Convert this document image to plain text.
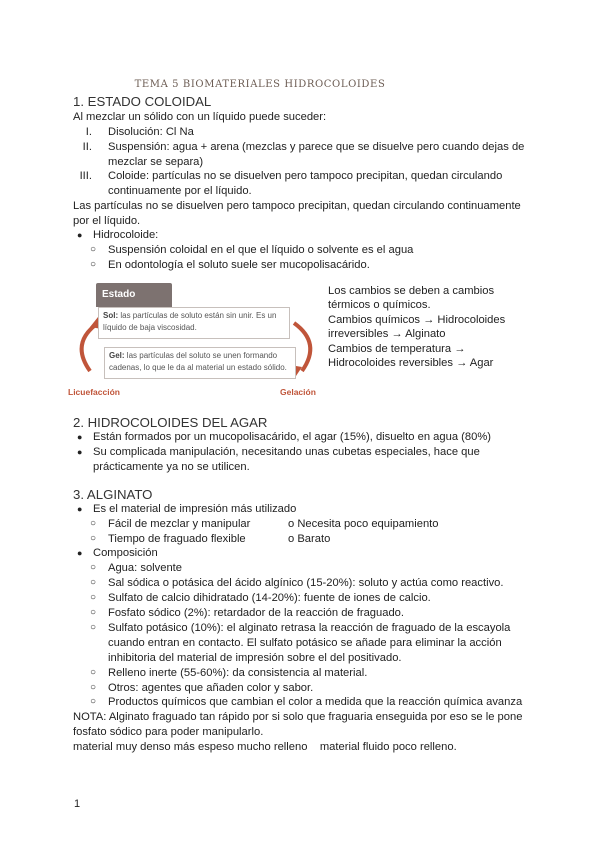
TEMA 5 BIOMATERIALES HIDROCOLOIDES
1. ESTADO COLOIDAL
Al mezclar un sólido con un líquido puede suceder:
I. Disolución: Cl Na
II. Suspensión: agua + arena (mezclas y parece que se disuelve pero cuando dejas de
mezclar se separa)
III. Coloide: partículas no se disuelven pero tampoco precipitan, quedan circulando
continuamente por el líquido.
Las partículas no se disuelven pero tampoco precipitan, quedan circulando continuamente
por el líquido.
● Hidrocoloide:
○ Suspensión coloidal en el que el líquido o solvente es el agua
○ En odontología el soluto suele ser mucopolisacárido.
Estado
Sol: las partículas de soluto están sin unir. Es un
líquido de baja viscosidad.
Gel: las partículas del soluto se unen formando
cadenas, lo que le da al material un estado sólido.
Licuefacción	Gelación
Los cambios se deben a cambios
térmicos o químicos.
Cambios químicos → Hidrocoloides
irreversibles → Alginato
Cambios de temperatura →
Hidrocoloides reversibles → Agar
2. HIDROCOLOIDES DEL AGAR
● Están formados por un mucopolisacárido, el agar (15%), disuelto en agua (80%)
● Su complicada manipulación, necesitando unas cubetas especiales, hace que
prácticamente ya no se utilicen.
3. ALGINATO
● Es el material de impresión más utilizado
○ Fácil de mezclar y manipular	o Necesita poco equipamiento
○ Tiempo de fraguado flexible	o Barato
● Composición
○ Agua: solvente
○ Sal sódica o potásica del ácido algínico (15-20%): soluto y actúa como reactivo.
○ Sulfato de calcio dihidratado (14-20%): fuente de iones de calcio.
○ Fosfato sódico (2%): retardador de la reacción de fraguado.
○ Sulfato potásico (10%): el alginato retrasa la reacción de fraguado de la escayola
cuando entran en contacto. El sulfato potásico se añade para eliminar la acción
inhibitoria del material de impresión sobre el del positivado.
○ Relleno inerte (55-60%): da consistencia al material.
○ Otros: agentes que añaden color y sabor.
○ Productos químicos que cambian el color a medida que la reacción química avanza
NOTA: Alginato fraguado tan rápido por si solo que fraguaria enseguida por eso se le pone
fosfato sódico para poder manipularlo.
material muy denso más espeso mucho relleno    material fluido poco relleno.
1
